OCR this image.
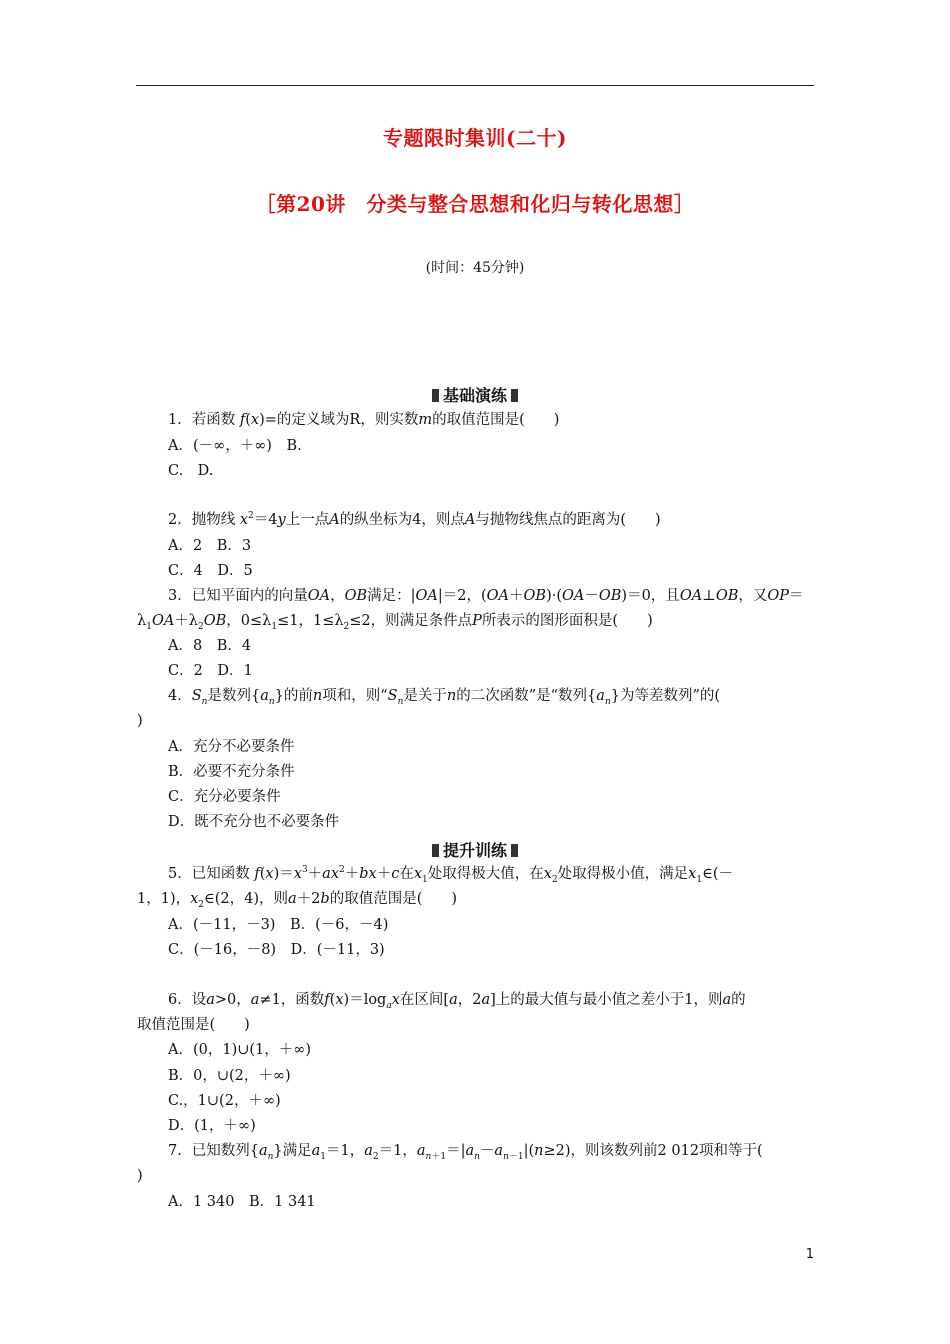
专题限时集训(二十)
［第20讲　分类与整合思想和化归与转化思想］
(时间：45分钟)
基础演练
1．若函数 f(x)=的定义域为R，则实数m的取值范围是(　　)
A．(－∞，＋∞)　B.
C.　D.
2．抛物线 $x^2=4y$上一点A的纵坐标为4，则点A与抛物线焦点的距离为(　　)
A．2　B．3
C．4　D．5
3．已知平面内的向量OA，OB满足：|OA|＝2，(OA＋OB)·(OA－OB)＝0，且OA⊥OB，又OP＝
$\lambda_1OA+\lambda_2OB$，$0\le\lambda_1\le 1$，$1\le\lambda_2\le 2$，则满足条件点P所表示的图形面积是(　　)
A．8　B．4
C．2　D．1
4．$S_n$是数列$\{a_n\}$的前n项和，则“$S_n$是关于n的二次函数”是“数列$\{a_n\}$为等差数列”的(
)
A．充分不必要条件
B．必要不充分条件
C．充分必要条件
D．既不充分也不必要条件
提升训练
5．已知函数 $f(x)=x^3+ax^2+bx+c$在$x_1$处取得极大值，在$x_2$处取得极小值，满足$x_1\in(-$
1，1)，$x_2\in(2$，4)，则a＋2b的取值范围是(　　)
A．(－11，－3)　B．(－6，－4)
C．(－16，－8)　D．(－11，3)
6．设a>0，a≠1，函数$f(x)=\log_ax$在区间[a，2a]上的最大值与最小值之差小于1，则a的
取值范围是(　　)
A．(0，1)∪(1，＋∞)
B．0，∪(2，＋∞)
C.，1∪(2，＋∞)
D．(1，＋∞)
7．已知数列$\{a_n\}$满足$a_1=1$，$a_2=1$，$a_{n+1}=|a_n-a_{n-1}|(n\ge 2)$，则该数列前2 012项和等于(
)
A．1 340　B．1 341
1
